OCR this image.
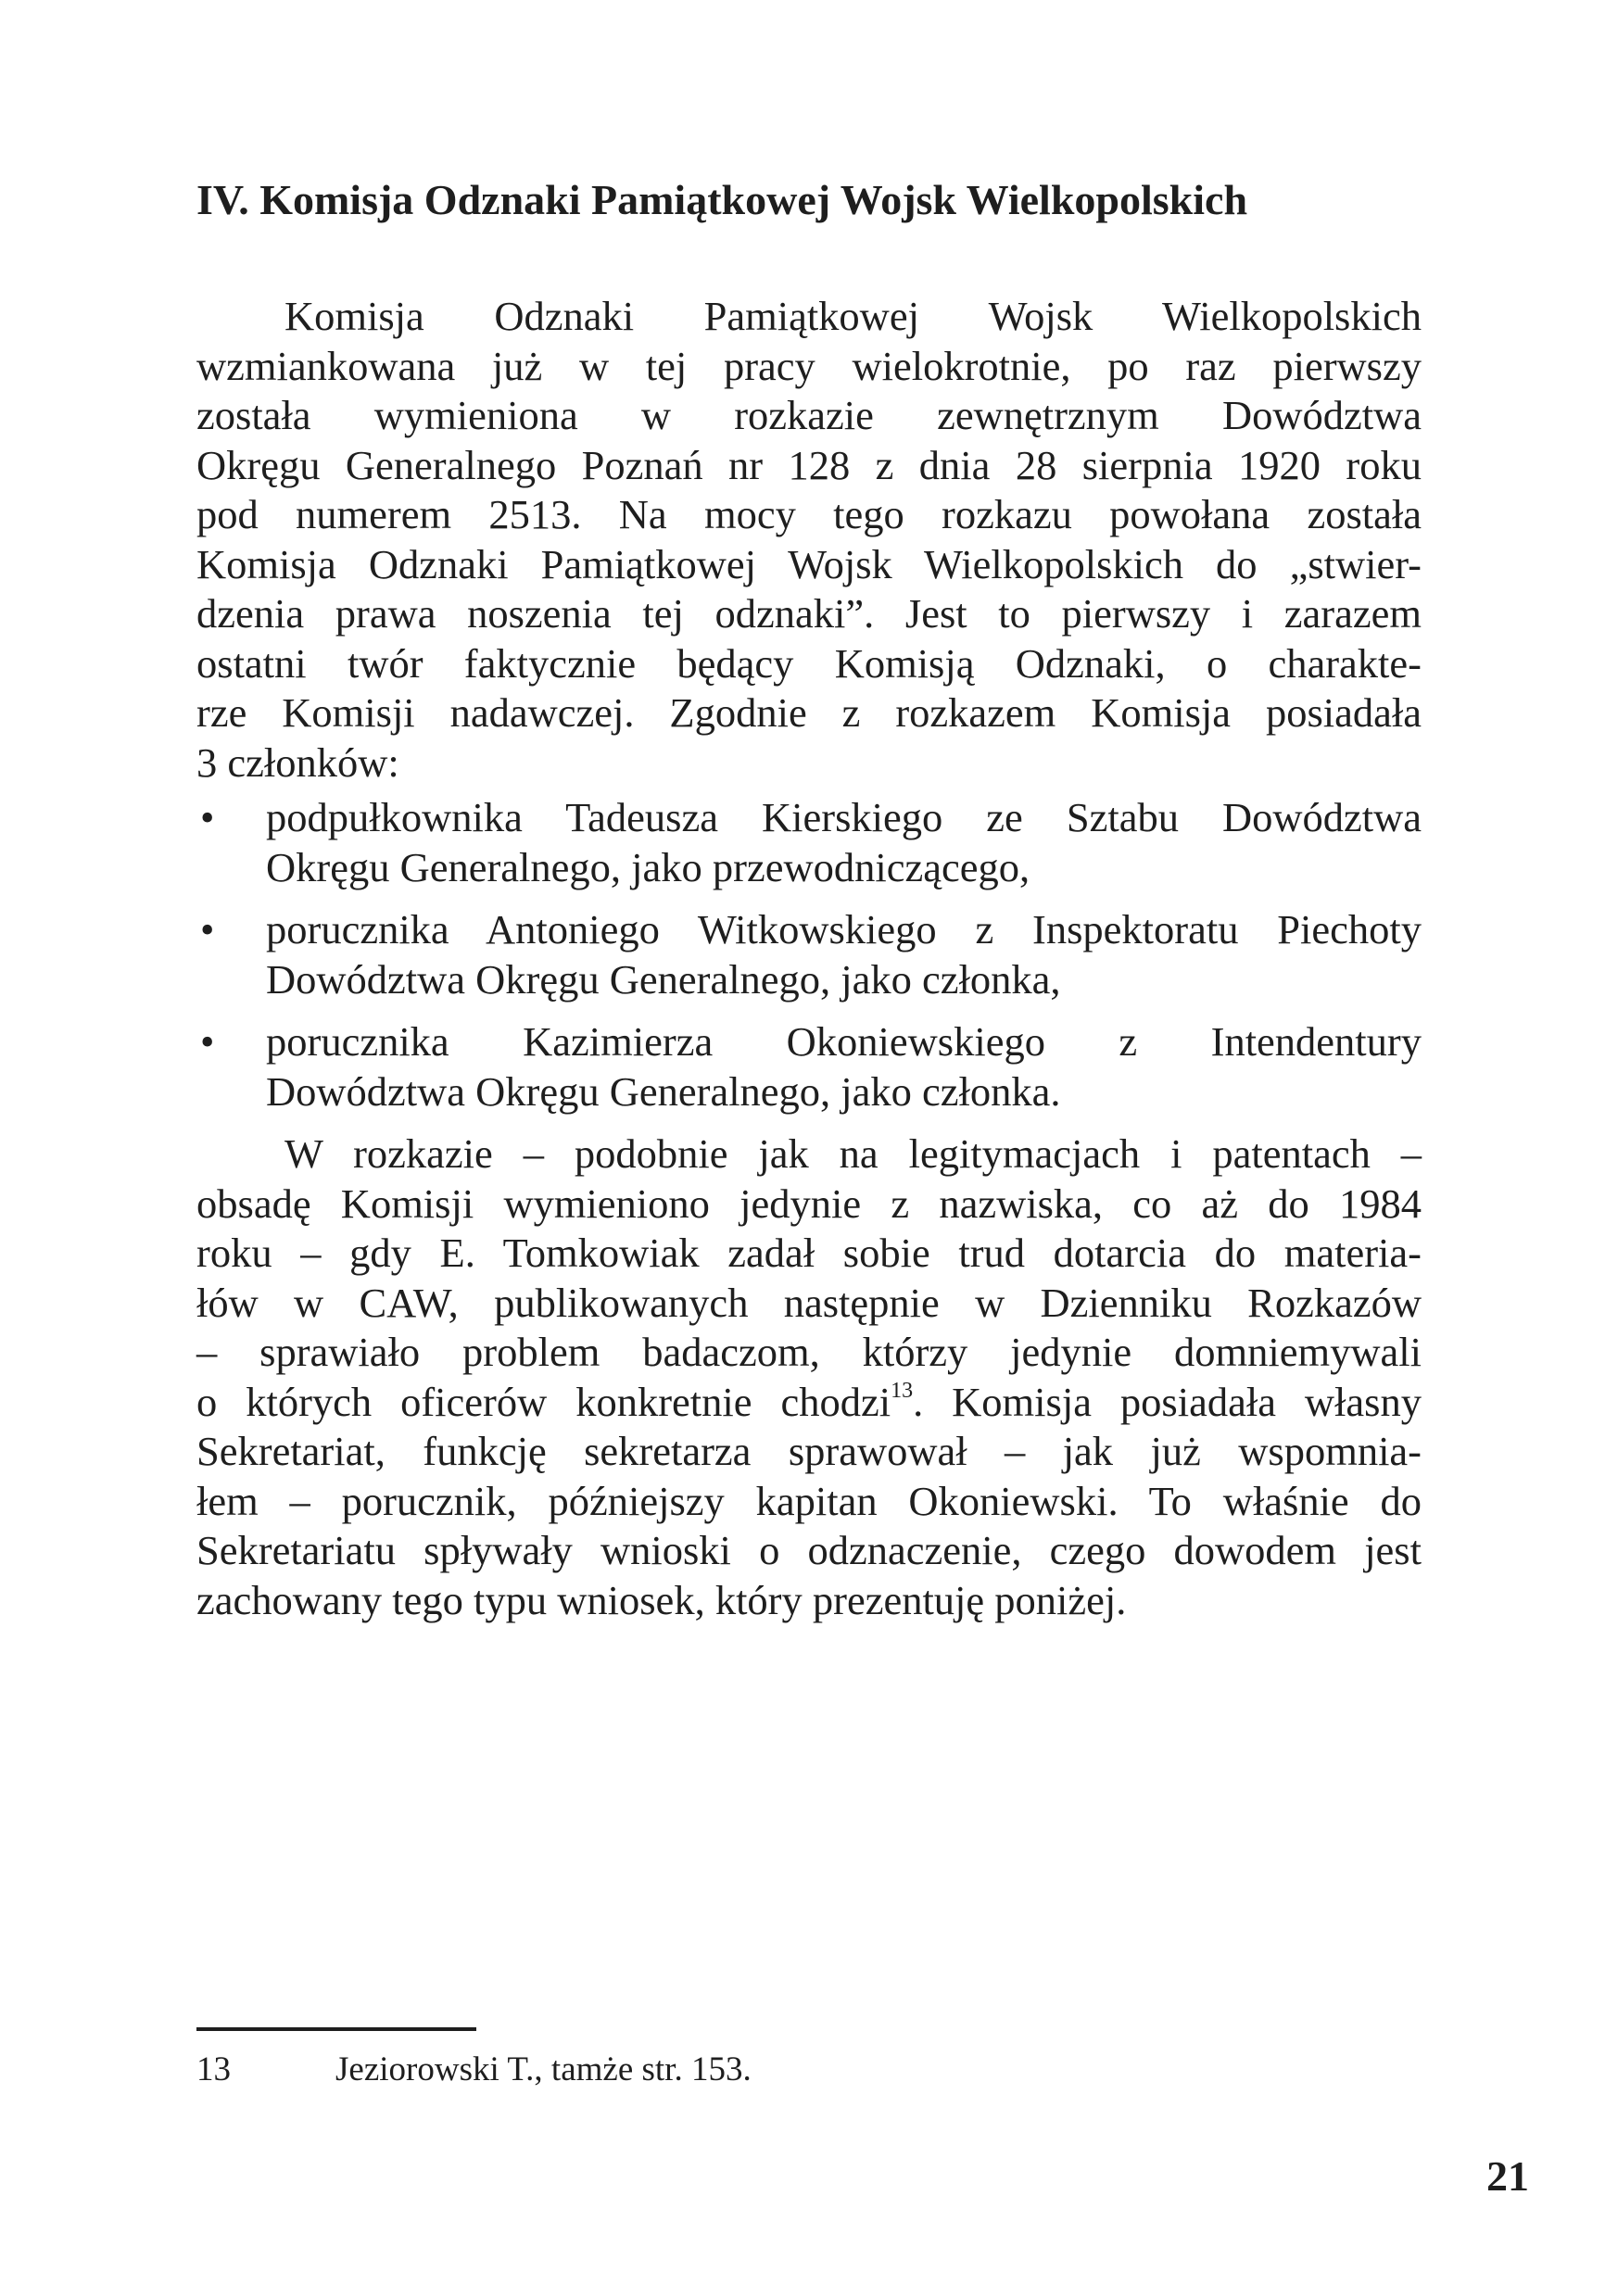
IV. Komisja Odznaki Pamiątkowej Wojsk Wielkopolskich

Komisja Odznaki Pamiątkowej Wojsk Wielkopolskich
wzmiankowana już w tej pracy wielokrotnie, po raz pierwszy
została wymieniona w rozkazie zewnętrznym Dowództwa
Okręgu Generalnego Poznań nr 128 z dnia 28 sierpnia 1920 roku
pod numerem 2513. Na mocy tego rozkazu powołana została
Komisja Odznaki Pamiątkowej Wojsk Wielkopolskich do „stwier-
dzenia prawa noszenia tej odznaki”. Jest to pierwszy i zarazem
ostatni twór faktycznie będący Komisją Odznaki, o charakte-
rze Komisji nadawczej. Zgodnie z rozkazem Komisja posiadała
3 członków:

• podpułkownika Tadeusza Kierskiego ze Sztabu Dowództwa
Okręgu Generalnego, jako przewodniczącego,
• porucznika Antoniego Witkowskiego z Inspektoratu Piechoty
Dowództwa Okręgu Generalnego, jako członka,
• porucznika Kazimierza Okoniewskiego z Intendentury
Dowództwa Okręgu Generalnego, jako członka.

W rozkazie – podobnie jak na legitymacjach i patentach –
obsadę Komisji wymieniono jedynie z nazwiska, co aż do 1984
roku – gdy E. Tomkowiak zadał sobie trud dotarcia do materia-
łów w CAW, publikowanych następnie w Dzienniku Rozkazów
– sprawiało problem badaczom, którzy jedynie domniemywali
o których oficerów konkretnie chodzi$^{13}$. Komisja posiadała własny
Sekretariat, funkcję sekretarza sprawował – jak już wspomnia-
łem – porucznik, późniejszy kapitan Okoniewski. To właśnie do
Sekretariatu spływały wnioski o odznaczenie, czego dowodem jest
zachowany tego typu wniosek, który prezentuję poniżej.

13	Jeziorowski T., tamże str. 153.
21
